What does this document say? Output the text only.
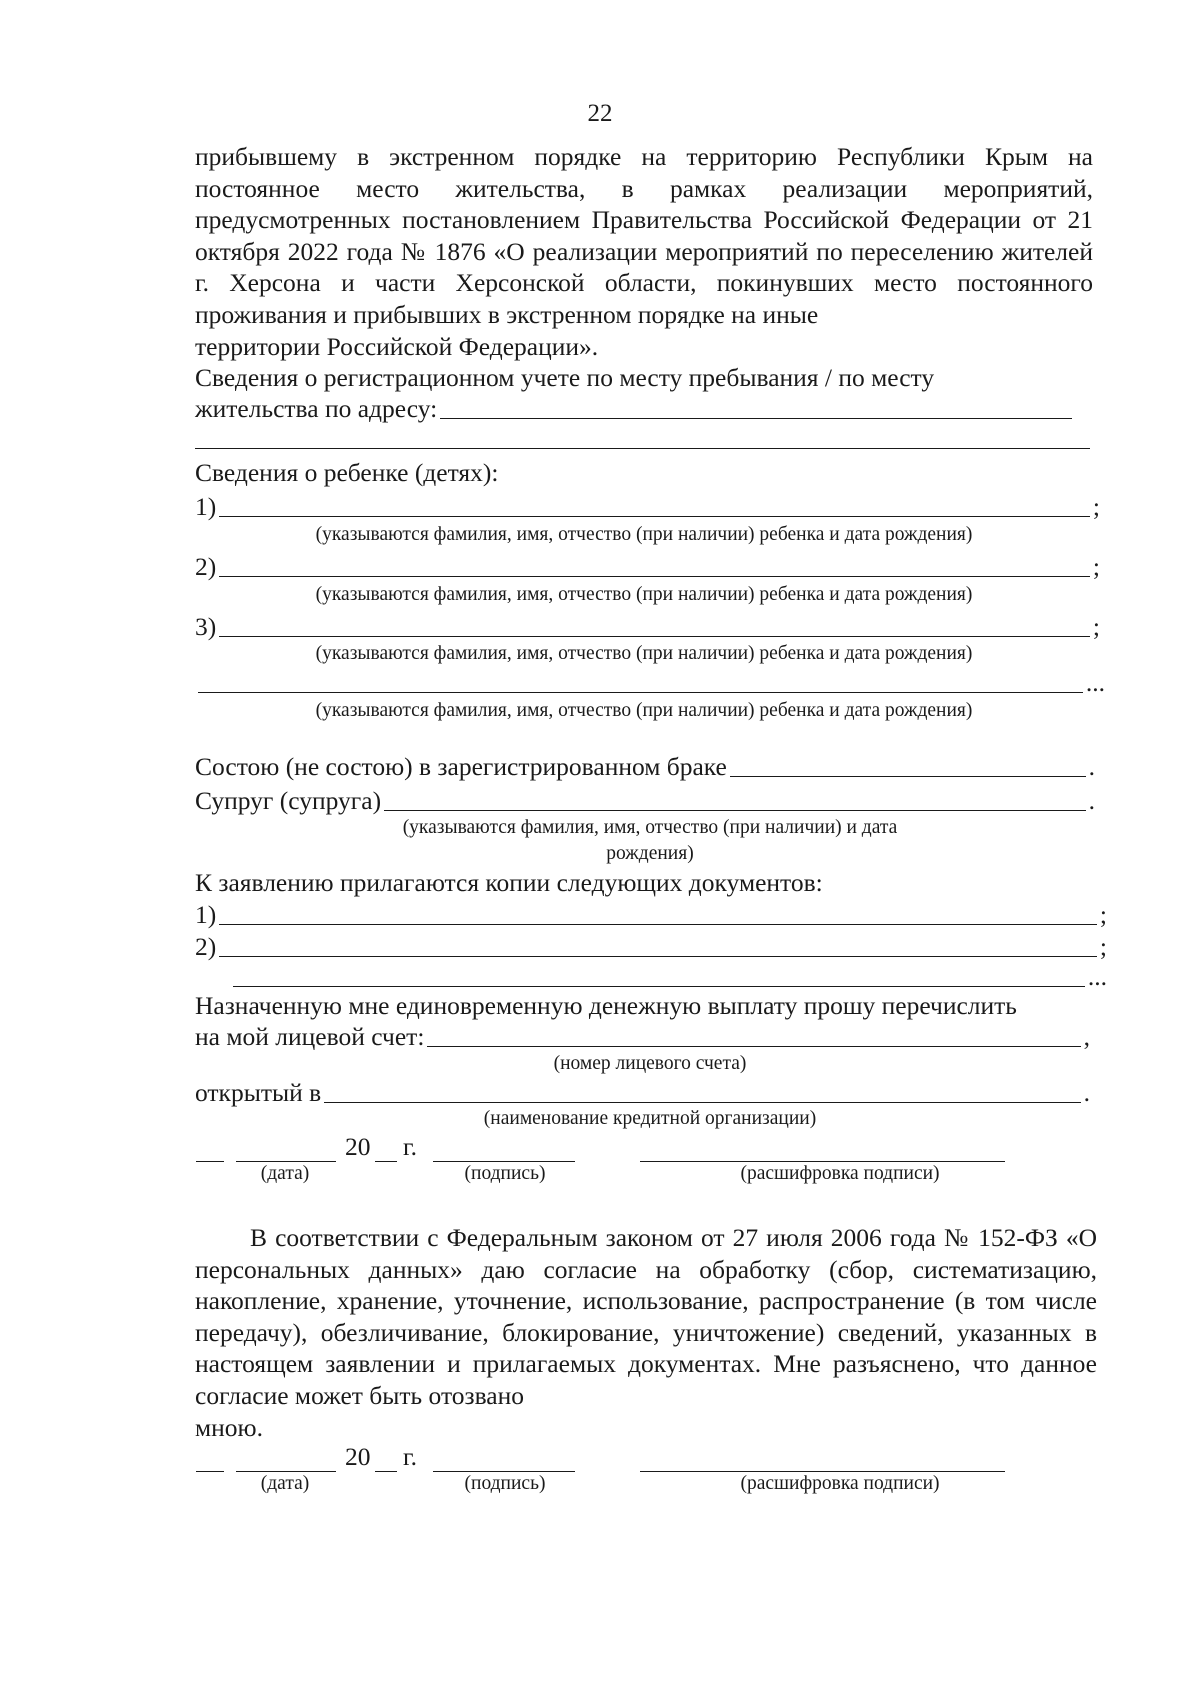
22

прибывшему в экстренном порядке на территорию Республики Крым на постоянное место жительства, в рамках реализации мероприятий, предусмотренных постановлением Правительства Российской Федерации от 21 октября 2022 года № 1876 «О реализации мероприятий по переселению жителей г. Херсона и части Херсонской области, покинувших место постоянного проживания и прибывших в экстренном порядке на иные

территории Российской Федерации».

Сведения о регистрационном учете по месту пребывания / по месту

жительства по адресу:
Сведения о ребенке (детях):
1)	;
(указываются фамилия, имя, отчество (при наличии) ребенка и дата рождения)
2)	;
(указываются фамилия, имя, отчество (при наличии) ребенка и дата рождения)
3)	;
(указываются фамилия, имя, отчество (при наличии) ребенка и дата рождения)
...
(указываются фамилия, имя, отчество (при наличии) ребенка и дата рождения)
Состою (не состою) в зарегистрированном браке	.
Супруг (супруга)	.
(указываются фамилия, имя, отчество (при наличии) и дата
рождения)
К заявлению прилагаются копии следующих документов:
1)	;
2)	;
...

Назначенную мне единовременную денежную выплату прошу перечислить

на мой лицевой счет:	,
(номер лицевого счета)
открытый в	.
(наименование кредитной организации)
20 г.
(дата)	(подпись)	(расшифровка подписи)

В соответствии с Федеральным законом от 27 июля 2006 года № 152-ФЗ «О персональных данных» даю согласие на обработку (сбор, систематизацию, накопление, хранение, уточнение, использование, распространение (в том числе передачу), обезличивание, блокирование, уничтожение) сведений, указанных в настоящем заявлении и прилагаемых документах. Мне разъяснено, что данное согласие может быть отозвано

мною.

20 г.
(дата)	(подпись)	(расшифровка подписи)
